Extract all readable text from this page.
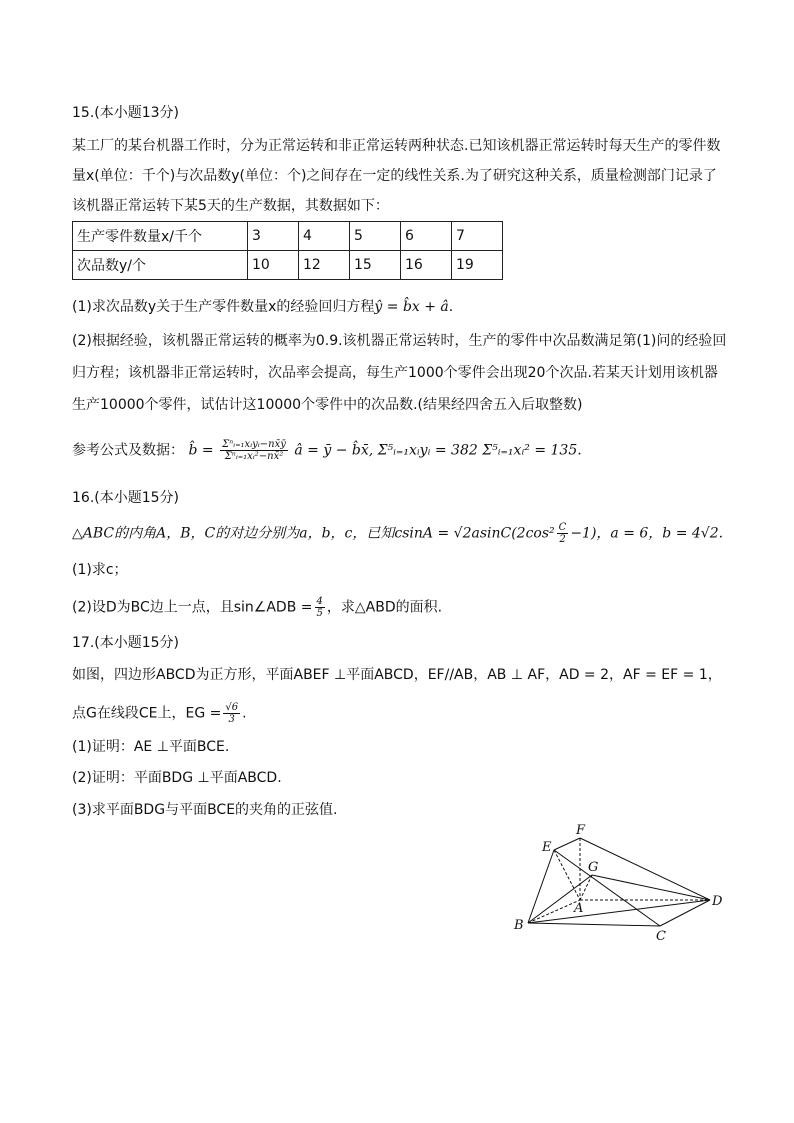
15.(本小题13分)
某工厂的某台机器工作时，分为正常运转和非正常运转两种状态.已知该机器正常运转时每天生产的零件数
量x(单位：千个)与次品数y(单位：个)之间存在一定的线性关系.为了研究这种关系，质量检测部门记录了
该机器正常运转下某5天的生产数据，其数据如下：
生产零件数量x/千个	3	4	5	6	7
次品数y/个	10	12	15	16	19
(1)求次品数y关于生产零件数量x的经验回归方程ŷ = b̂x + â.
(2)根据经验，该机器正常运转的概率为0.9.该机器正常运转时，生产的零件中次品数满足第(1)问的经验回
归方程；该机器非正常运转时，次品率会提高，每生产1000个零件会出现20个次品.若某天计划用该机器
生产10000个零件，试估计这10000个零件中的次品数.(结果经四舍五入后取整数)
参考公式及数据： b̂ = $\frac{\text{Σⁿᵢ₌₁xᵢyᵢ−nx̄ȳ}}{\text{Σⁿᵢ₌₁xᵢ²−nx̄²}}$ â = ȳ − b̂x̄, Σ⁵ᵢ₌₁xᵢyᵢ = 382 Σ⁵ᵢ₌₁xᵢ² = 135.
16.(本小题15分)
△ABC的内角A，B，C的对边分别为a，b，c，已知$csinA = √2asinC(2\cos^2 \frac{C}{2} -1)$，a = 6，b = 4√2.
(1)求c；
(2)设D为BC边上一点，且sin∠ADB = $\frac{4}{5}$ ，求△ABD的面积.
17.(本小题15分)
如图，四边形ABCD为正方形，平面ABEF ⊥平面ABCD，EF//AB，AB ⊥ AF，AD = 2，AF = EF = 1，
点G在线段CE上，EG = $\frac{√6}{3}$ .
(1)证明：AE ⊥平面BCE.
(2)证明：平面BDG ⊥平面ABCD.
(3)求平面BDG与平面BCE的夹角的正弦值.
E
F
G
A
B
C
D
